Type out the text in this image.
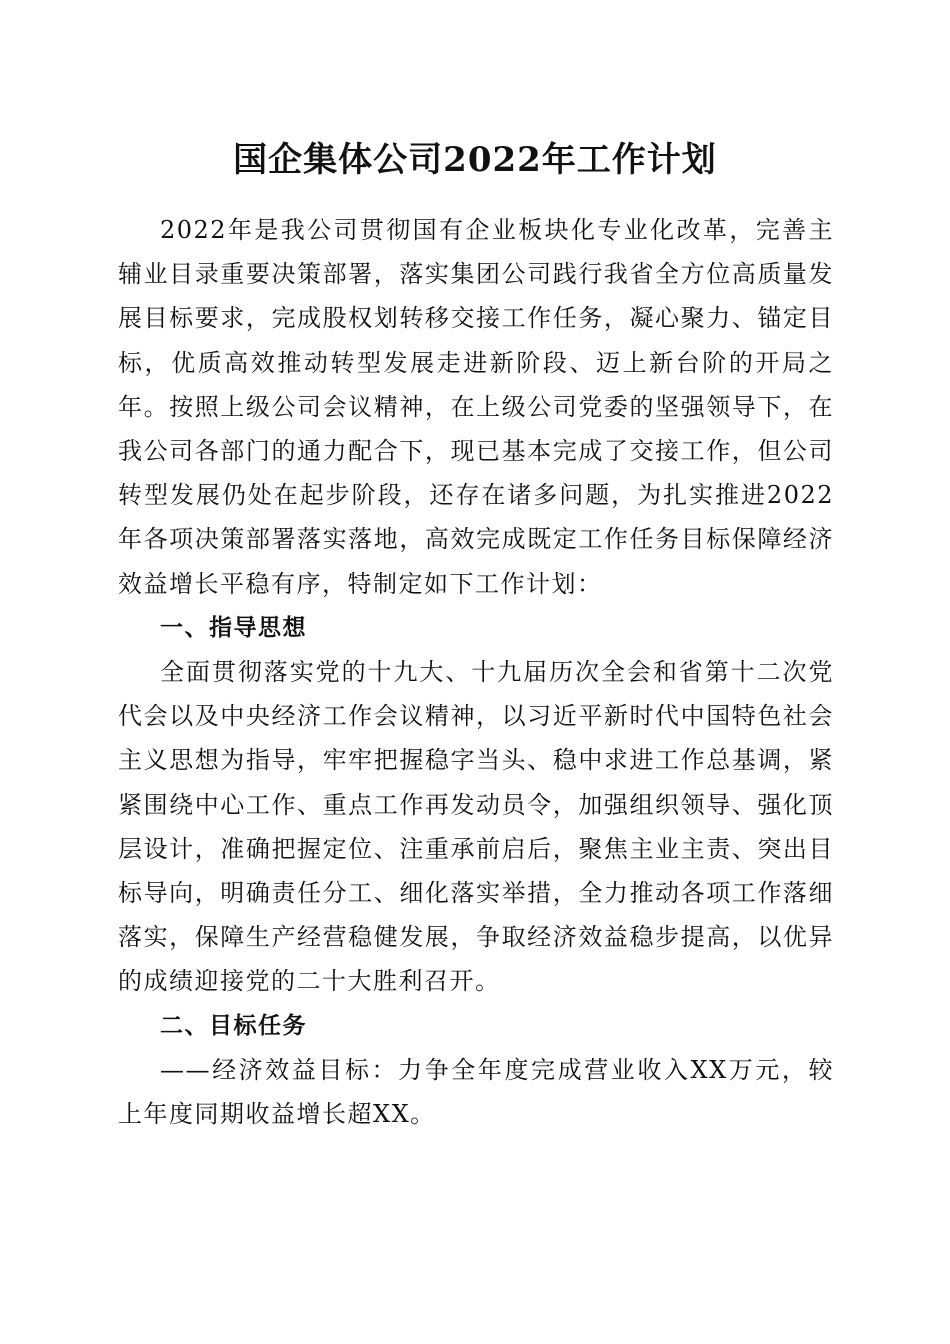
国企集体公司2022年工作计划

2022年是我公司贯彻国有企业板块化专业化改革，完善主辅业目录重要决策部署，落实集团公司践行我省全方位高质量发展目标要求，完成股权划转移交接工作任务，凝心聚力、锚定目标，优质高效推动转型发展走进新阶段、迈上新台阶的开局之年。按照上级公司会议精神，在上级公司党委的坚强领导下，在我公司各部门的通力配合下，现已基本完成了交接工作，但公司转型发展仍处在起步阶段，还存在诸多问题，为扎实推进2022年各项决策部署落实落地，高效完成既定工作任务目标保障经济效益增长平稳有序，特制定如下工作计划：

一、指导思想

全面贯彻落实党的十九大、十九届历次全会和省第十二次党代会以及中央经济工作会议精神，以习近平新时代中国特色社会主义思想为指导，牢牢把握稳字当头、稳中求进工作总基调，紧紧围绕中心工作、重点工作再发动员令，加强组织领导、强化顶层设计，准确把握定位、注重承前启后，聚焦主业主责、突出目标导向，明确责任分工、细化落实举措，全力推动各项工作落细落实，保障生产经营稳健发展，争取经济效益稳步提高，以优异的成绩迎接党的二十大胜利召开。

二、目标任务

——经济效益目标：力争全年度完成营业收入XX万元，较上年度同期收益增长超XX。
